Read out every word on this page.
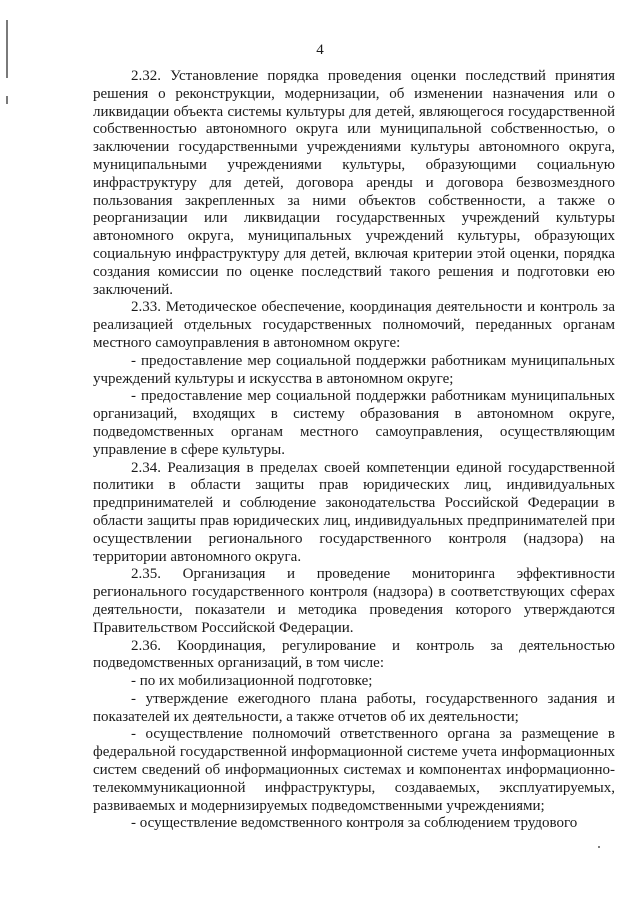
4

2.32. Установление порядка проведения оценки последствий принятия решения о реконструкции, модернизации, об изменении назначения или о ликвидации объекта системы культуры для детей, являющегося государственной собственностью автономного округа или муниципальной собственностью, о заключении государственными учреждениями культуры автономного округа, муниципальными учреждениями культуры, образующими социальную инфраструктуру для детей, договора аренды и договора безвозмездного пользования закрепленных за ними объектов собственности, а также о реорганизации или ликвидации государственных учреждений культуры автономного округа, муниципальных учреждений культуры, образующих социальную инфраструктуру для детей, включая критерии этой оценки, порядка создания комиссии по оценке последствий такого решения и подготовки ею заключений.

2.33. Методическое обеспечение, координация деятельности и контроль за реализацией отдельных государственных полномочий, переданных органам местного самоуправления в автономном округе:

- предоставление мер социальной поддержки работникам муниципальных учреждений культуры и искусства в автономном округе;

- предоставление мер социальной поддержки работникам муниципальных организаций, входящих в систему образования в автономном округе, подведомственных органам местного самоуправления, осуществляющим управление в сфере культуры.

2.34. Реализация в пределах своей компетенции единой государственной политики в области защиты прав юридических лиц, индивидуальных предпринимателей и соблюдение законодательства Российской Федерации в области защиты прав юридических лиц, индивидуальных предпринимателей при осуществлении регионального государственного контроля (надзора) на территории автономного округа.

2.35. Организация и проведение мониторинга эффективности регионального государственного контроля (надзора) в соответствующих сферах деятельности, показатели и методика проведения которого утверждаются Правительством Российской Федерации.

2.36. Координация, регулирование и контроль за деятельностью подведомственных организаций, в том числе:

- по их мобилизационной подготовке;

- утверждение ежегодного плана работы, государственного задания и показателей их деятельности, а также отчетов об их деятельности;

- осуществление полномочий ответственного органа за размещение в федеральной государственной информационной системе учета информационных систем сведений об информационных системах и компонентах информационно-телекоммуникационной инфраструктуры, создаваемых, эксплуатируемых, развиваемых и модернизируемых подведомственными учреждениями;

- осуществление ведомственного контроля за соблюдением трудового
